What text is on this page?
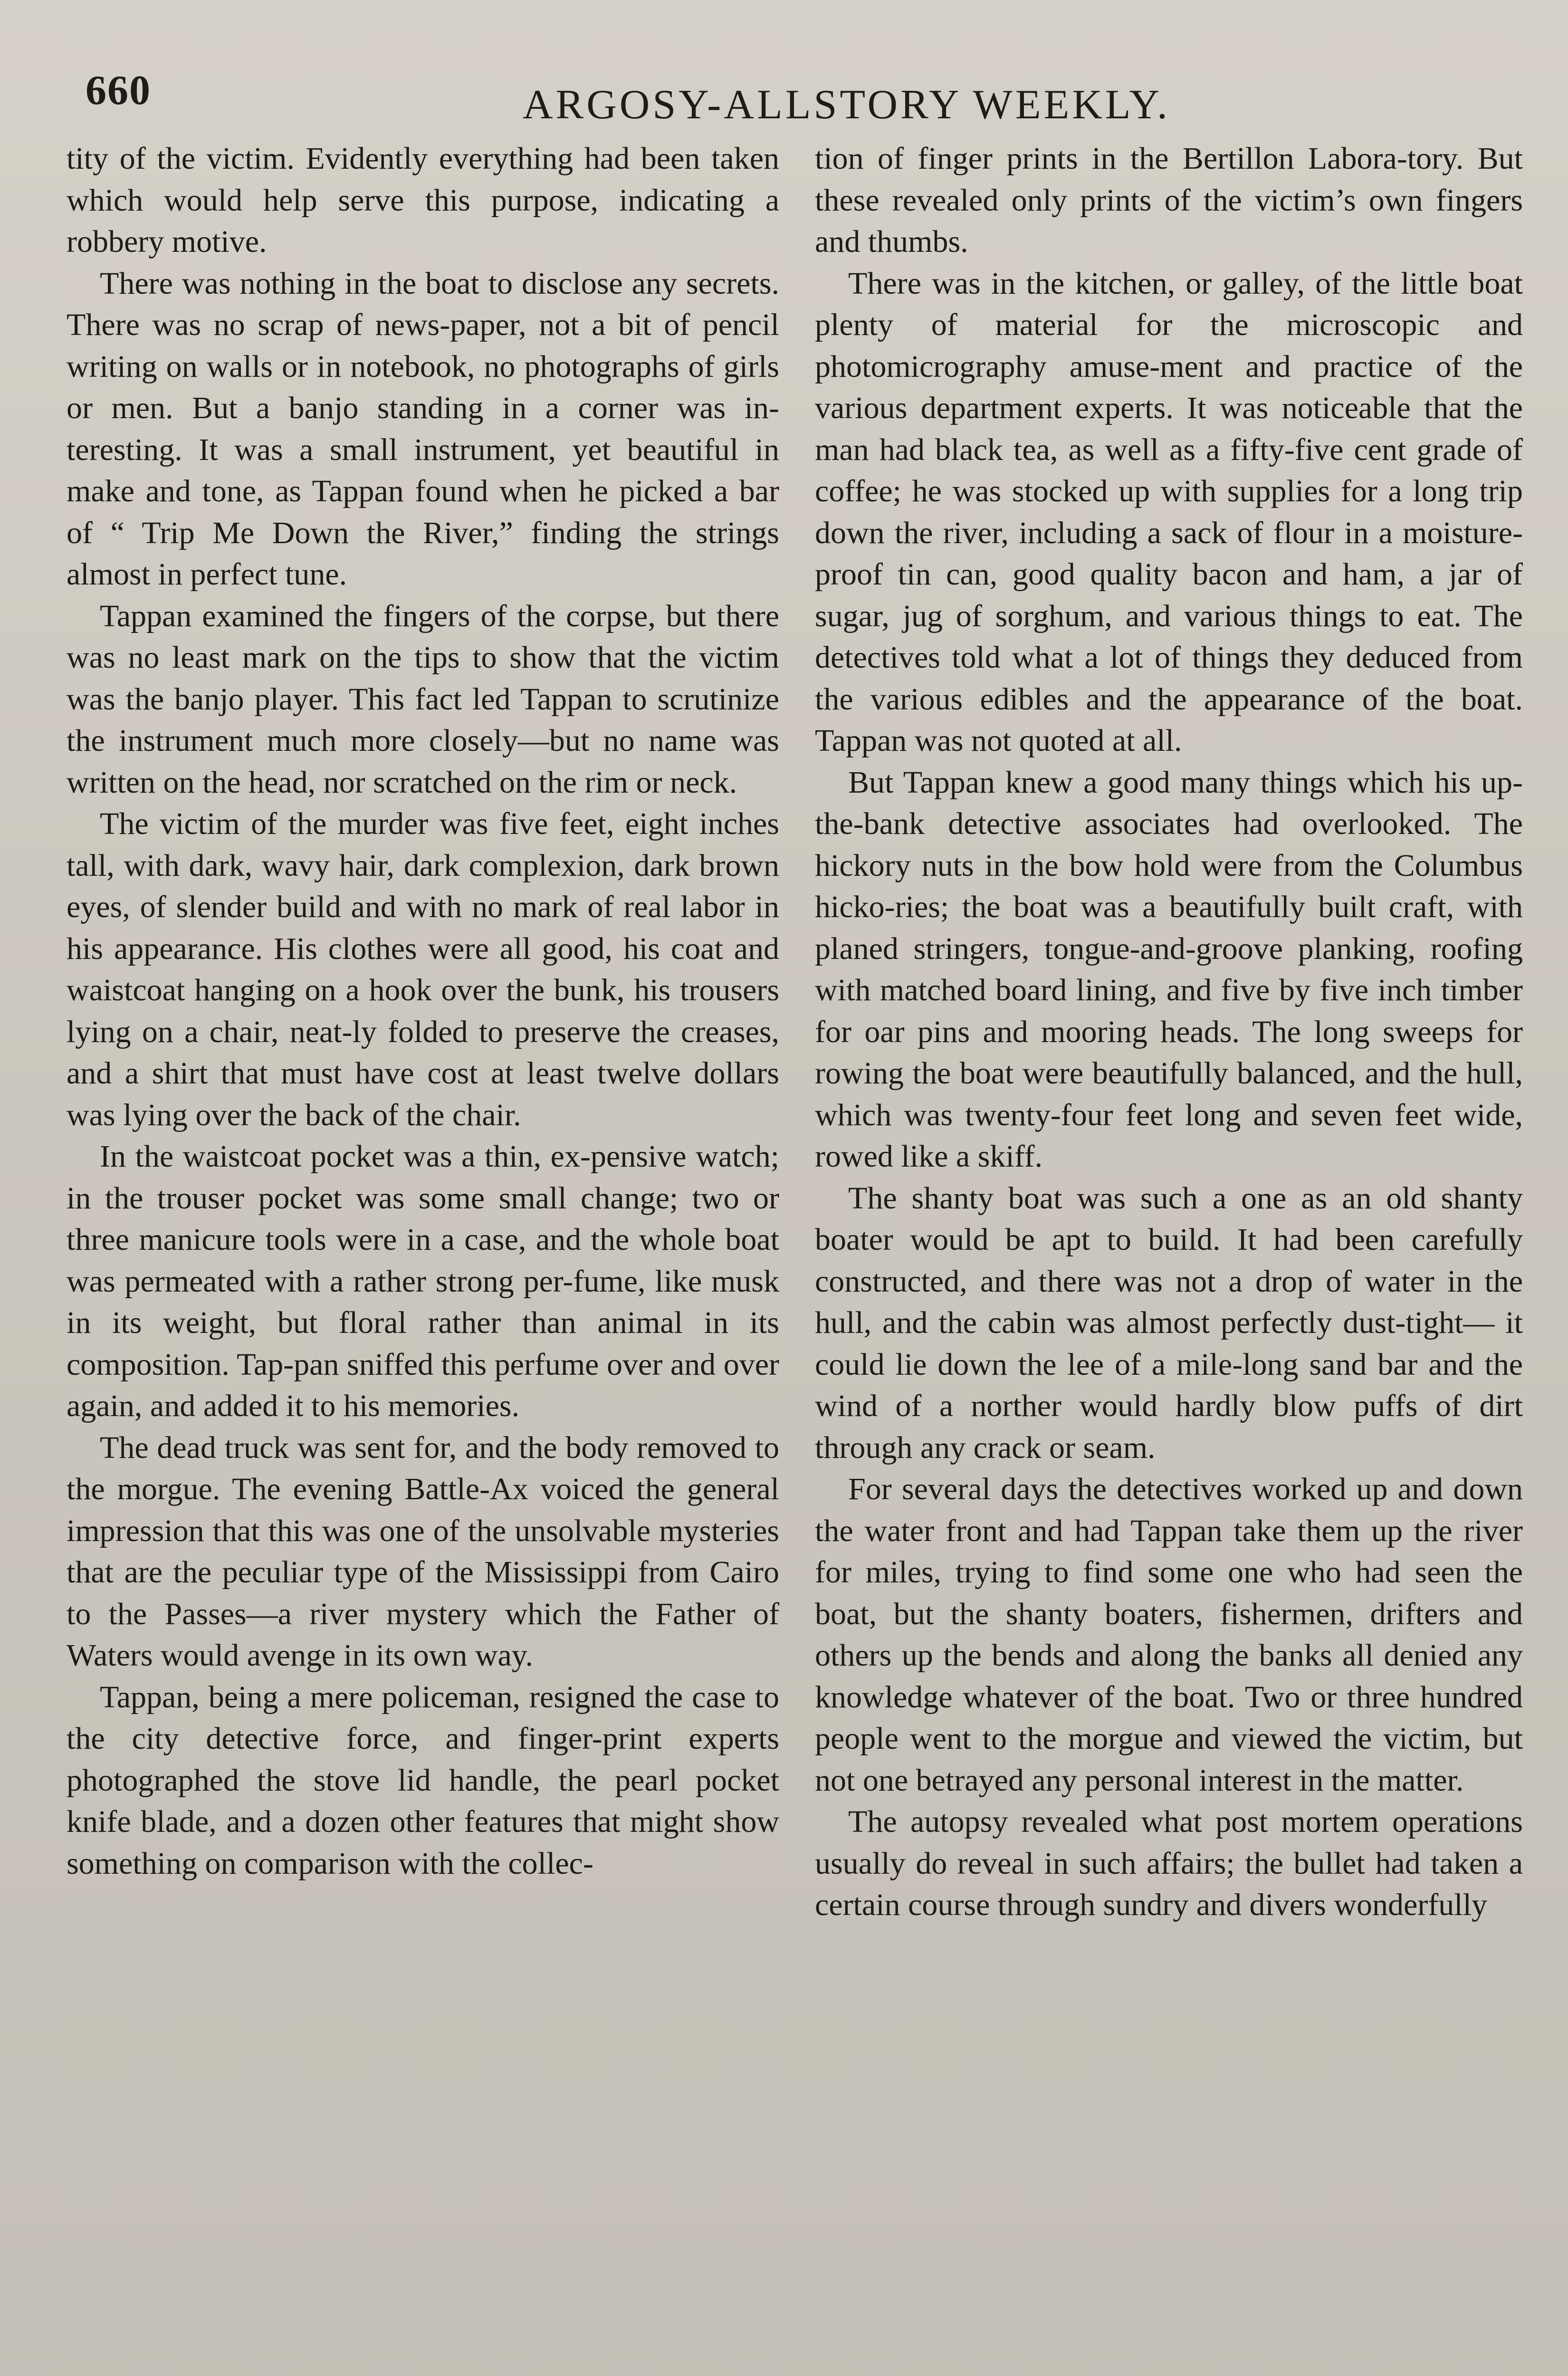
660	ARGOSY-ALLSTORY WEEKLY.

tity of the victim. Evidently everything had been taken which would help serve this purpose, indicating a robbery motive.

There was nothing in the boat to disclose any secrets. There was no scrap of news-paper, not a bit of pencil writing on walls or in notebook, no photographs of girls or men. But a banjo standing in a corner was in-teresting. It was a small instrument, yet beautiful in make and tone, as Tappan found when he picked a bar of “ Trip Me Down the River,” finding the strings almost in perfect tune.

Tappan examined the fingers of the corpse, but there was no least mark on the tips to show that the victim was the banjo player. This fact led Tappan to scrutinize the instrument much more closely—but no name was written on the head, nor scratched on the rim or neck.

The victim of the murder was five feet, eight inches tall, with dark, wavy hair, dark complexion, dark brown eyes, of slender build and with no mark of real labor in his appearance. His clothes were all good, his coat and waistcoat hanging on a hook over the bunk, his trousers lying on a chair, neat-ly folded to preserve the creases, and a shirt that must have cost at least twelve dollars was lying over the back of the chair.

In the waistcoat pocket was a thin, ex-pensive watch; in the trouser pocket was some small change; two or three manicure tools were in a case, and the whole boat was permeated with a rather strong per-fume, like musk in its weight, but floral rather than animal in its composition. Tap-pan sniffed this perfume over and over again, and added it to his memories.

The dead truck was sent for, and the body removed to the morgue. The evening Battle-Ax voiced the general impression that this was one of the unsolvable mysteries that are the peculiar type of the Mississippi from Cairo to the Passes—a river mystery which the Father of Waters would avenge in its own way.

Tappan, being a mere policeman, resigned the case to the city detective force, and finger-print experts photographed the stove lid handle, the pearl pocket knife blade, and a dozen other features that might show something on comparison with the collec-

tion of finger prints in the Bertillon Labora-tory. But these revealed only prints of the victim’s own fingers and thumbs.

There was in the kitchen, or galley, of the little boat plenty of material for the microscopic and photomicrography amuse-ment and practice of the various department experts. It was noticeable that the man had black tea, as well as a fifty-five cent grade of coffee; he was stocked up with supplies for a long trip down the river, including a sack of flour in a moisture-proof tin can, good quality bacon and ham, a jar of sugar, jug of sorghum, and various things to eat. The detectives told what a lot of things they deduced from the various edibles and the appearance of the boat. Tappan was not quoted at all.

But Tappan knew a good many things which his up-the-bank detective associates had overlooked. The hickory nuts in the bow hold were from the Columbus hicko-ries; the boat was a beautifully built craft, with planed stringers, tongue-and-groove planking, roofing with matched board lining, and five by five inch timber for oar pins and mooring heads. The long sweeps for rowing the boat were beautifully balanced, and the hull, which was twenty-four feet long and seven feet wide, rowed like a skiff.

The shanty boat was such a one as an old shanty boater would be apt to build. It had been carefully constructed, and there was not a drop of water in the hull, and the cabin was almost perfectly dust-tight— it could lie down the lee of a mile-long sand bar and the wind of a norther would hardly blow puffs of dirt through any crack or seam.

For several days the detectives worked up and down the water front and had Tappan take them up the river for miles, trying to find some one who had seen the boat, but the shanty boaters, fishermen, drifters and others up the bends and along the banks all denied any knowledge whatever of the boat. Two or three hundred people went to the morgue and viewed the victim, but not one betrayed any personal interest in the matter.

The autopsy revealed what post mortem operations usually do reveal in such affairs; the bullet had taken a certain course through sundry and divers wonderfully
